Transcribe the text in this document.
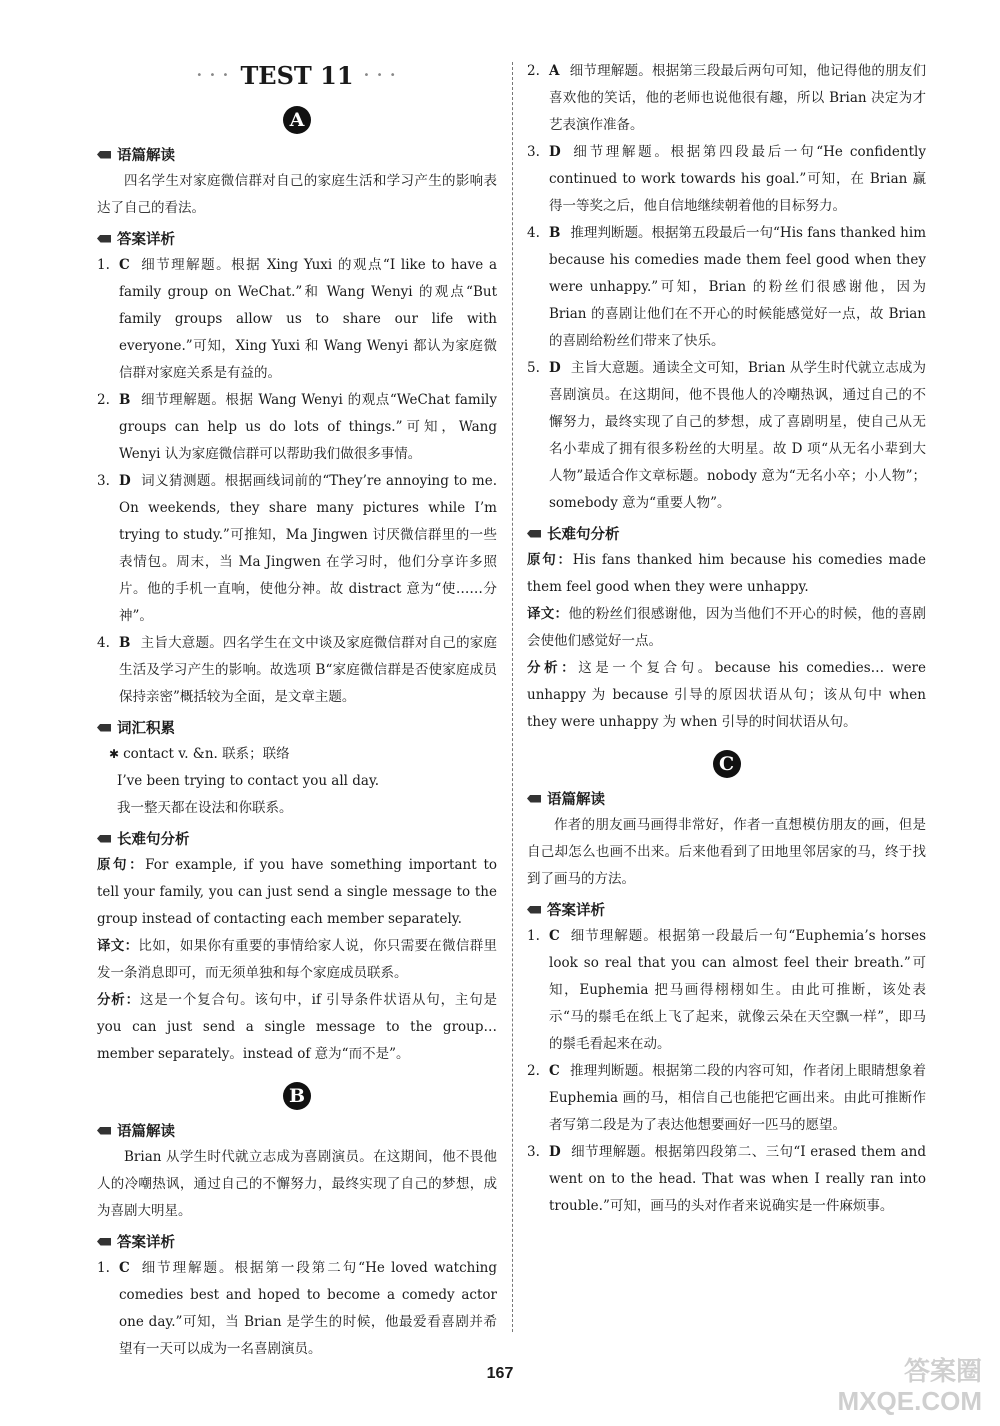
• • • TEST 11 • • •
A
语篇解读

四名学生对家庭微信群对自己的家庭生活和学习产生的影响表达了自己的看法。

答案详析
1. C 细节理解题。根据 Xing Yuxi 的观点“I like to have a family group on WeChat.”和 Wang Wenyi 的观点“But family groups allow us to share our life with everyone.”可知，Xing Yuxi 和 Wang Wenyi 都认为家庭微信群对家庭关系是有益的。
2. B 细节理解题。根据 Wang Wenyi 的观点“WeChat family groups can help us do lots of things.”可知，Wang Wenyi 认为家庭微信群可以帮助我们做很多事情。
3. D 词义猜测题。根据画线词前的“They’re annoying to me. On weekends, they share many pictures while I’m trying to study.”可推知，Ma Jingwen 讨厌微信群里的一些表情包。周末，当 Ma Jingwen 在学习时，他们分享许多照片。他的手机一直响，使他分神。故 distract 意为“使……分神”。
4. B 主旨大意题。四名学生在文中谈及家庭微信群对自己的家庭生活及学习产生的影响。故选项 B“家庭微信群是否使家庭成员保持亲密”概括较为全面，是文章主题。
词汇积累

✱ contact v. &n. 联系；联络

I’ve been trying to contact you all day.

我一整天都在设法和你联系。

长难句分析

原句：For example, if you have something important to tell your family, you can just send a single message to the group instead of contacting each member separately.

译文：比如，如果你有重要的事情给家人说，你只需要在微信群里发一条消息即可，而无须单独和每个家庭成员联系。

分析：这是一个复合句。该句中，if 引导条件状语从句，主句是 you can just send a single message to the group… member separately。instead of 意为“而不是”。

B
语篇解读

Brian 从学生时代就立志成为喜剧演员。在这期间，他不畏他人的冷嘲热讽，通过自己的不懈努力，最终实现了自己的梦想，成为喜剧大明星。

答案详析
1. C 细节理解题。根据第一段第二句“He loved watching comedies best and hoped to become a comedy actor one day.”可知，当 Brian 是学生的时候，他最爱看喜剧并希望有一天可以成为一名喜剧演员。
2. A 细节理解题。根据第三段最后两句可知，他记得他的朋友们喜欢他的笑话，他的老师也说他很有趣，所以 Brian 决定为才艺表演作准备。
3. D 细节理解题。根据第四段最后一句“He confidently continued to work towards his goal.”可知，在 Brian 赢得一等奖之后，他自信地继续朝着他的目标努力。
4. B 推理判断题。根据第五段最后一句“His fans thanked him because his comedies made them feel good when they were unhappy.”可知，Brian 的粉丝们很感谢他，因为 Brian 的喜剧让他们在不开心的时候能感觉好一点，故 Brian 的喜剧给粉丝们带来了快乐。
5. D 主旨大意题。通读全文可知，Brian 从学生时代就立志成为喜剧演员。在这期间，他不畏他人的冷嘲热讽，通过自己的不懈努力，最终实现了自己的梦想，成了喜剧明星，使自己从无名小辈成了拥有很多粉丝的大明星。故 D 项“从无名小辈到大人物”最适合作文章标题。nobody 意为“无名小卒；小人物”；somebody 意为“重要人物”。
长难句分析

原句：His fans thanked him because his comedies made them feel good when they were unhappy.

译文：他的粉丝们很感谢他，因为当他们不开心的时候，他的喜剧会使他们感觉好一点。

分析：这是一个复合句。because his comedies… were unhappy 为 because 引导的原因状语从句；该从句中 when they were unhappy 为 when 引导的时间状语从句。

C
语篇解读

作者的朋友画马画得非常好，作者一直想模仿朋友的画，但是自己却怎么也画不出来。后来他看到了田地里邻居家的马，终于找到了画马的方法。

答案详析
1. C 细节理解题。根据第一段最后一句“Euphemia’s horses look so real that you can almost feel their breath.”可知，Euphemia 把马画得栩栩如生。由此可推断，该处表示“马的鬃毛在纸上飞了起来，就像云朵在天空飘一样”，即马的鬃毛看起来在动。
2. C 推理判断题。根据第二段的内容可知，作者闭上眼睛想象着 Euphemia 画的马，相信自己也能把它画出来。由此可推断作者写第二段是为了表达他想要画好一匹马的愿望。
3. D 细节理解题。根据第四段第二、三句“I erased them and went on to the head. That was when I really ran into trouble.”可知，画马的头对作者来说确实是一件麻烦事。
167	答案圈
MXQE.COM
